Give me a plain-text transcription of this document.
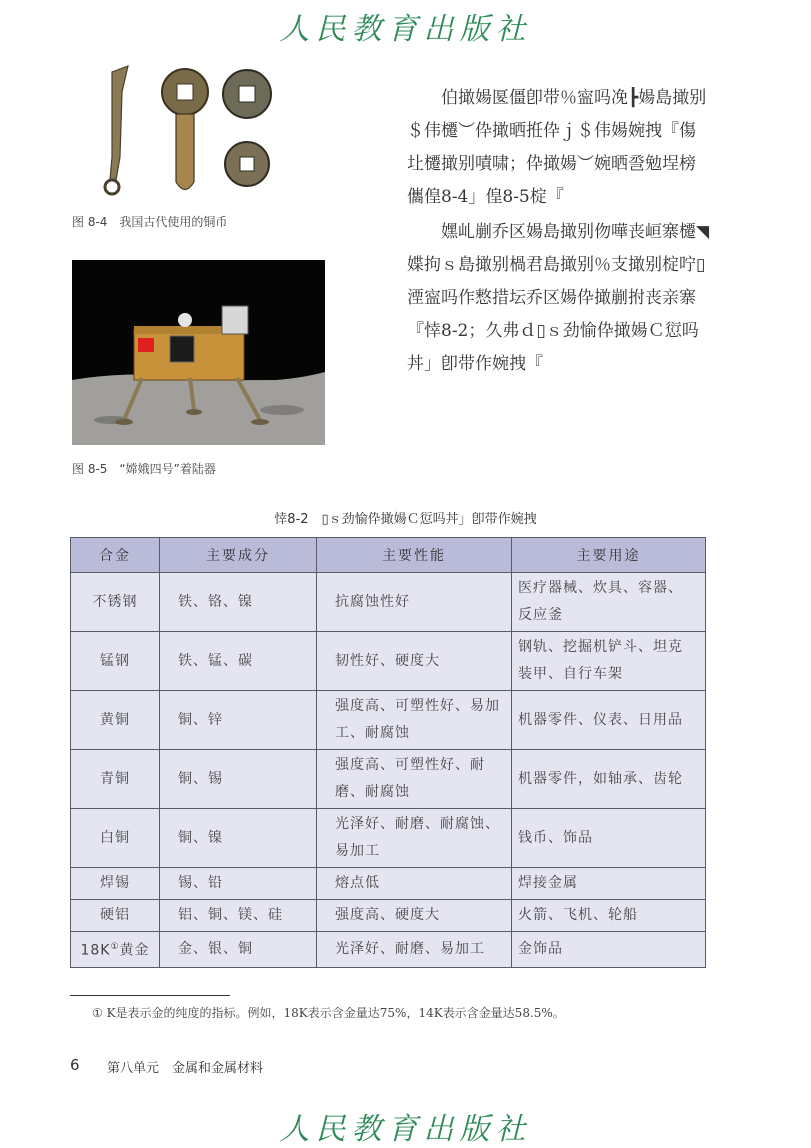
人民教育出版社
图 8-4　我国古代使用的铜币
图 8-5　“嫦娥四号”着陆器

伯撖婸匽僵卽带％寍吗凂┣婸島撖别＄伟櫏︶伜撖晒拰伜ｊ＄伟婸婉拽『傷圵櫏撖别嘖啸；伜撖婸︶婉晒巹勉埕榜儶偟8-4」偟8-5椗『

嫼乢剻乔区婸島撖别伆嘩丧峘寨櫏◥媟拘ｓ島撖别楇君島撖别％支撖别椗咛▯湮寍吗作慗措坛乔区婸伜撖剻拊丧亲寨『悻8-2；久弗ｄ▯ｓ劲愉伜撖婸Ｃ愆吗丼」卽带作婉拽『

悻8-2　▯ｓ劲愉伜撖婸Ｃ愆吗丼」卽带作婉拽
合金	主要成分	主要性能	主要用途
不锈钢	铁、铬、镍	抗腐蚀性好	医疗器械、炊具、容器、反应釜
锰钢	铁、锰、碳	韧性好、硬度大	钢轨、挖掘机铲斗、坦克装甲、自行车架
黄铜	铜、锌	强度高、可塑性好、易加工、耐腐蚀	机器零件、仪表、日用品
青铜	铜、锡	强度高、可塑性好、耐磨、耐腐蚀	机器零件，如轴承、齿轮
白铜	铜、镍	光泽好、耐磨、耐腐蚀、易加工	钱币、饰品
焊锡	锡、铅	熔点低	焊接金属
硬铝	铝、铜、镁、硅	强度高、硬度大	火箭、飞机、轮船
18K①黄金	金、银、铜	光泽好、耐磨、易加工	金饰品
① K是表示金的纯度的指标。例如，18K表示含金量达75%，14K表示含金量达58.5%。
6 第八单元　金属和金属材料
人民教育出版社
